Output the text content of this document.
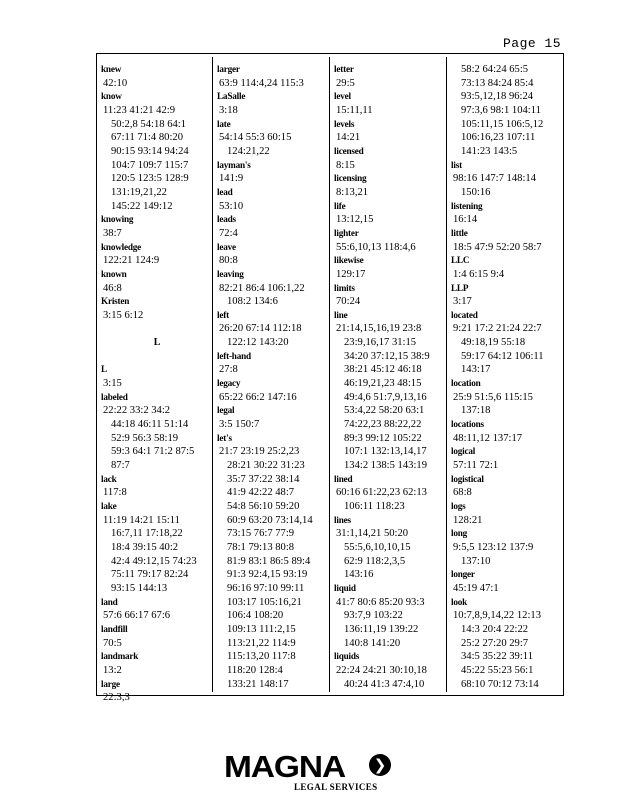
Page 15
knew
42:10
know
11:23 41:21 42:9
50:2,8 54:18 64:1
67:11 71:4 80:20
90:15 93:14 94:24
104:7 109:7 115:7
120:5 123:5 128:9
131:19,21,22
145:22 149:12
knowing
38:7
knowledge
122:21 124:9
known
46:8
Kristen
3:15 6:12
L
L
3:15
labeled
22:22 33:2 34:2
44:18 46:11 51:14
52:9 56:3 58:19
59:3 64:1 71:2 87:5
87:7
lack
117:8
lake
11:19 14:21 15:11
16:7,11 17:18,22
18:4 39:15 40:2
42:4 49:12,15 74:23
75:11 79:17 82:24
93:15 144:13
land
57:6 66:17 67:6
landfill
70:5
landmark
13:2
large
22:3,3
larger
63:9 114:4,24 115:3
LaSalle
3:18
late
54:14 55:3 60:15
124:21,22
layman's
141:9
lead
53:10
leads
72:4
leave
80:8
leaving
82:21 86:4 106:1,22
108:2 134:6
left
26:20 67:14 112:18
122:12 143:20
left-hand
27:8
legacy
65:22 66:2 147:16
legal
3:5 150:7
let's
21:7 23:19 25:2,23
28:21 30:22 31:23
35:7 37:22 38:14
41:9 42:22 48:7
54:8 56:10 59:20
60:9 63:20 73:14,14
73:15 76:7 77:9
78:1 79:13 80:8
81:9 83:1 86:5 89:4
91:3 92:4,15 93:19
96:16 97:10 99:11
103:17 105:16,21
106:4 108:20
109:13 111:2,15
113:21,22 114:9
115:13,20 117:8
118:20 128:4
133:21 148:17
letter
29:5
level
15:11,11
levels
14:21
licensed
8:15
licensing
8:13,21
life
13:12,15
lighter
55:6,10,13 118:4,6
likewise
129:17
limits
70:24
line
21:14,15,16,19 23:8
23:9,16,17 31:15
34:20 37:12,15 38:9
38:21 45:12 46:18
46:19,21,23 48:15
49:4,6 51:7,9,13,16
53:4,22 58:20 63:1
74:22,23 88:22,22
89:3 99:12 105:22
107:1 132:13,14,17
134:2 138:5 143:19
lined
60:16 61:22,23 62:13
106:11 118:23
lines
31:1,14,21 50:20
55:5,6,10,10,15
62:9 118:2,3,5
143:16
liquid
41:7 80:6 85:20 93:3
93:7,9 103:22
136:11,19 139:22
140:8 141:20
liquids
22:24 24:21 30:10,18
40:24 41:3 47:4,10
58:2 64:24 65:5
73:13 84:24 85:4
93:5,12,18 96:24
97:3,6 98:1 104:11
105:11,15 106:5,12
106:16,23 107:11
141:23 143:5
list
98:16 147:7 148:14
150:16
listening
16:14
little
18:5 47:9 52:20 58:7
LLC
1:4 6:15 9:4
LLP
3:17
located
9:21 17:2 21:24 22:7
49:18,19 55:18
59:17 64:12 106:11
143:17
location
25:9 51:5,6 115:15
137:18
locations
48:11,12 137:17
logical
57:11 72:1
logistical
68:8
logs
128:21
long
9:5,5 123:12 137:9
137:10
longer
45:19 47:1
look
10:7,8,9,14,22 12:13
14:3 20:4 22:22
25:2 27:20 29:7
34:5 35:22 39:11
45:22 55:23 56:1
68:10 70:12 73:14
MAGNA	❯
LEGAL SERVICES
